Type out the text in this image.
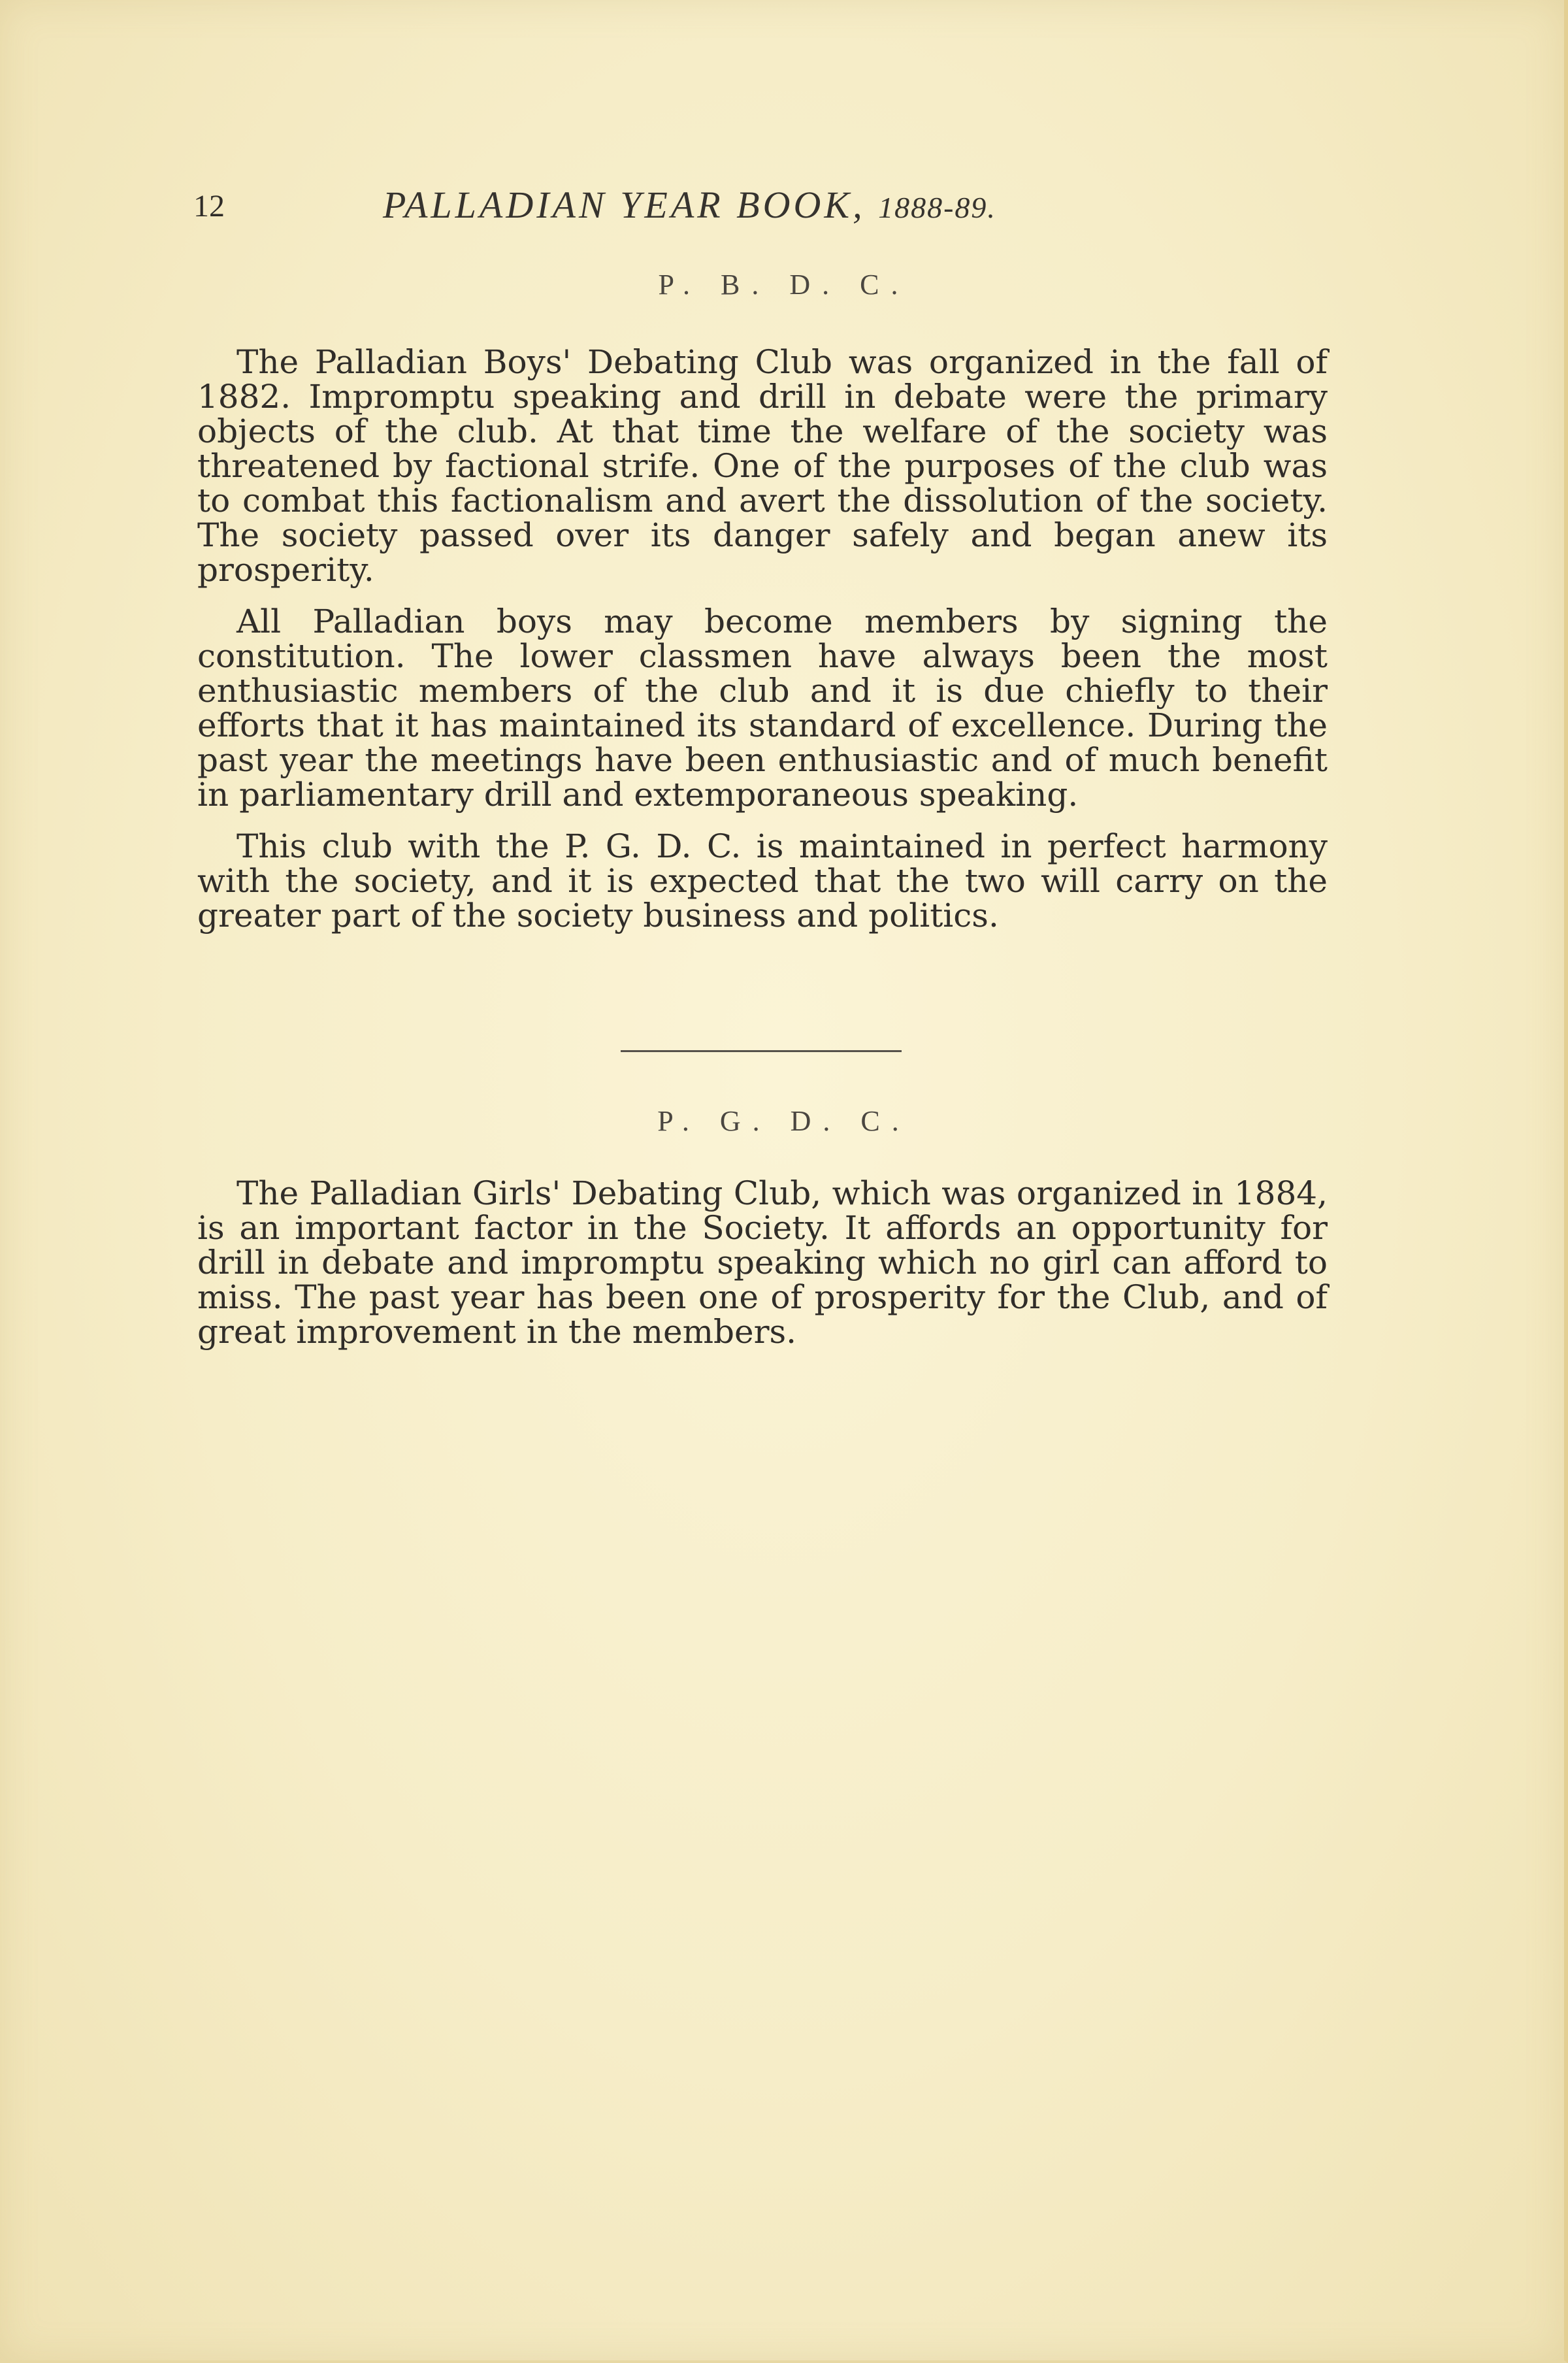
12	PALLADIAN YEAR BOOK, 1888-89.
P. B. D. C.

The Palladian Boys' Debating Club was organized in the fall of 1882. Impromptu speaking and drill in debate were the primary objects of the club. At that time the welfare of the society was threatened by factional strife. One of the purposes of the club was to combat this factionalism and avert the dissolution of the society. The society passed over its danger safely and began anew its prosperity.

All Palladian boys may become members by signing the constitution. The lower classmen have always been the most enthusiastic members of the club and it is due chiefly to their efforts that it has maintained its standard of excellence. During the past year the meetings have been enthusiastic and of much benefit in parliamentary drill and extemporaneous speaking.

This club with the P. G. D. C. is maintained in perfect harmony with the society, and it is expected that the two will carry on the greater part of the society business and politics.

P. G. D. C.

The Palladian Girls' Debating Club, which was organized in 1884, is an important factor in the Society. It affords an opportunity for drill in debate and impromptu speaking which no girl can afford to miss. The past year has been one of prosperity for the Club, and of great improvement in the members.
